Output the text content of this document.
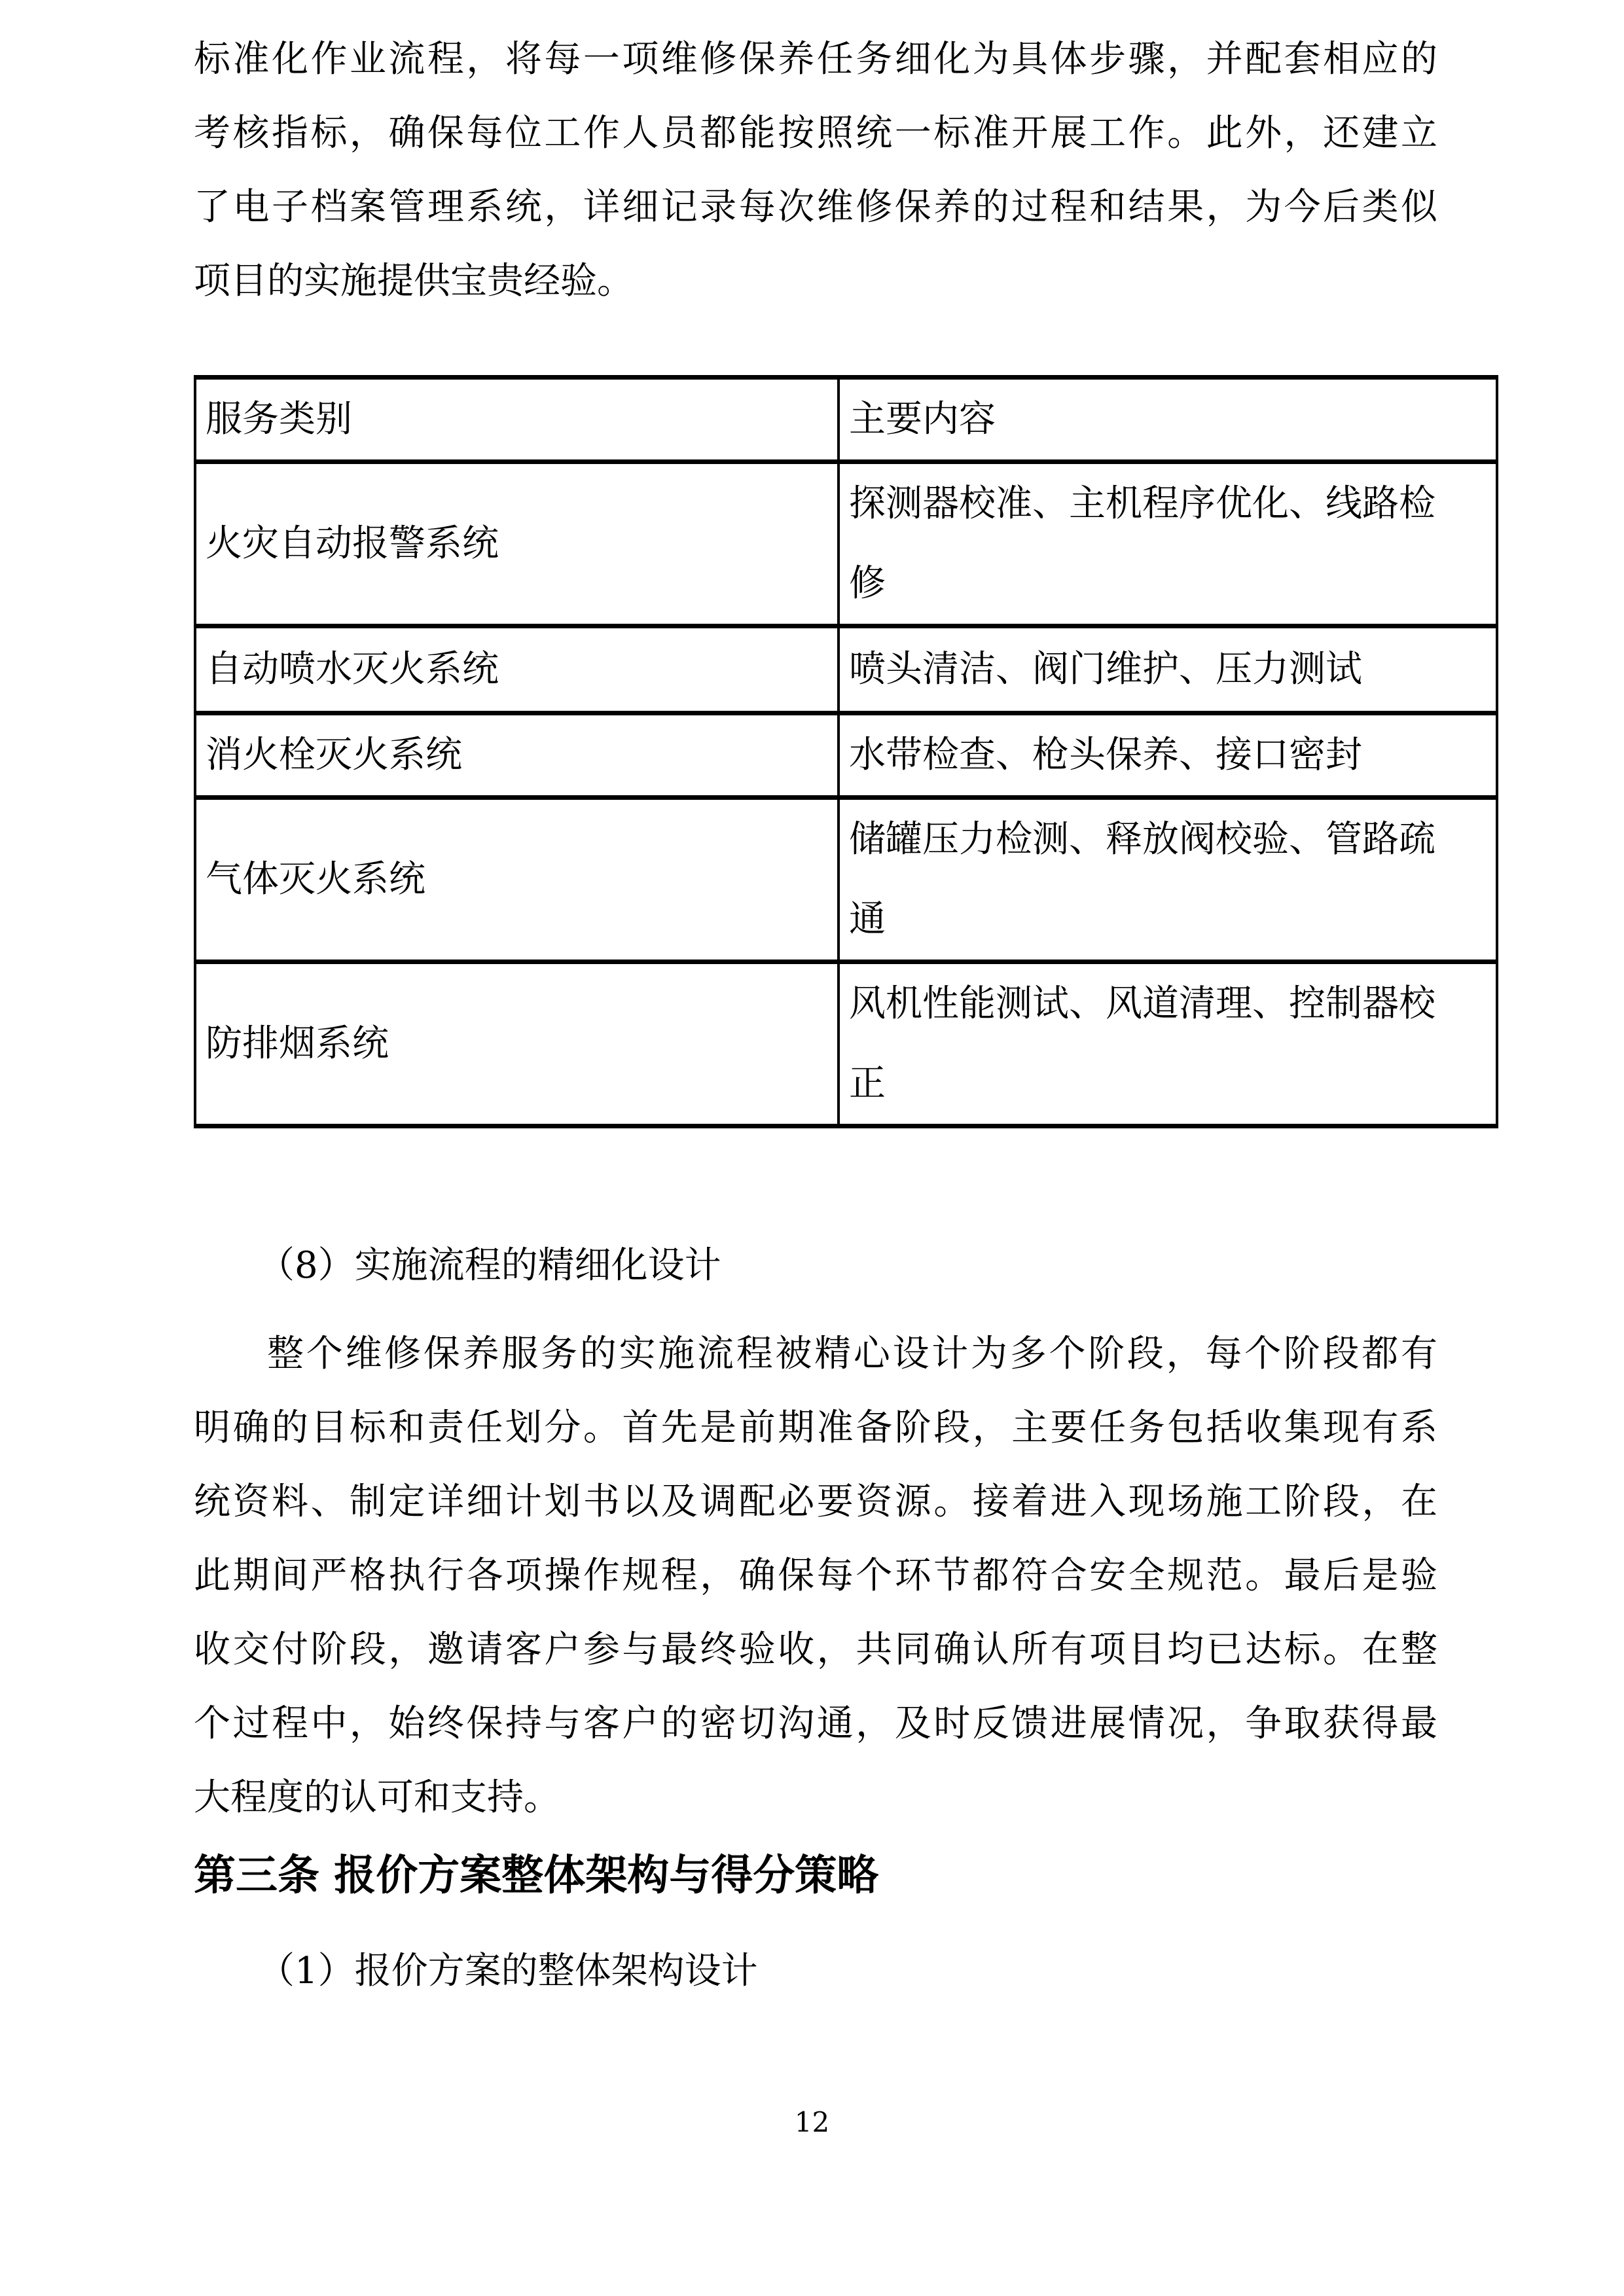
标准化作业流程，将每一项维修保养任务细化为具体步骤，并配套相应的
考核指标，确保每位工作人员都能按照统一标准开展工作。此外，还建立
了电子档案管理系统，详细记录每次维修保养的过程和结果，为今后类似
项目的实施提供宝贵经验。
服务类别	主要内容

火灾自动报警系统	探测器校准、主机程序优化、线路检
修

自动喷水灭火系统	喷头清洁、阀门维护、压力测试

消火栓灭火系统	水带检查、枪头保养、接口密封

气体灭火系统	储罐压力检测、释放阀校验、管路疏
通

防排烟系统	风机性能测试、风道清理、控制器校
正
（8）实施流程的精细化设计
整个维修保养服务的实施流程被精心设计为多个阶段，每个阶段都有
明确的目标和责任划分。首先是前期准备阶段，主要任务包括收集现有系
统资料、制定详细计划书以及调配必要资源。接着进入现场施工阶段，在
此期间严格执行各项操作规程，确保每个环节都符合安全规范。最后是验
收交付阶段，邀请客户参与最终验收，共同确认所有项目均已达标。在整
个过程中，始终保持与客户的密切沟通，及时反馈进展情况，争取获得最
大程度的认可和支持。
第三条 报价方案整体架构与得分策略
（1）报价方案的整体架构设计
12
